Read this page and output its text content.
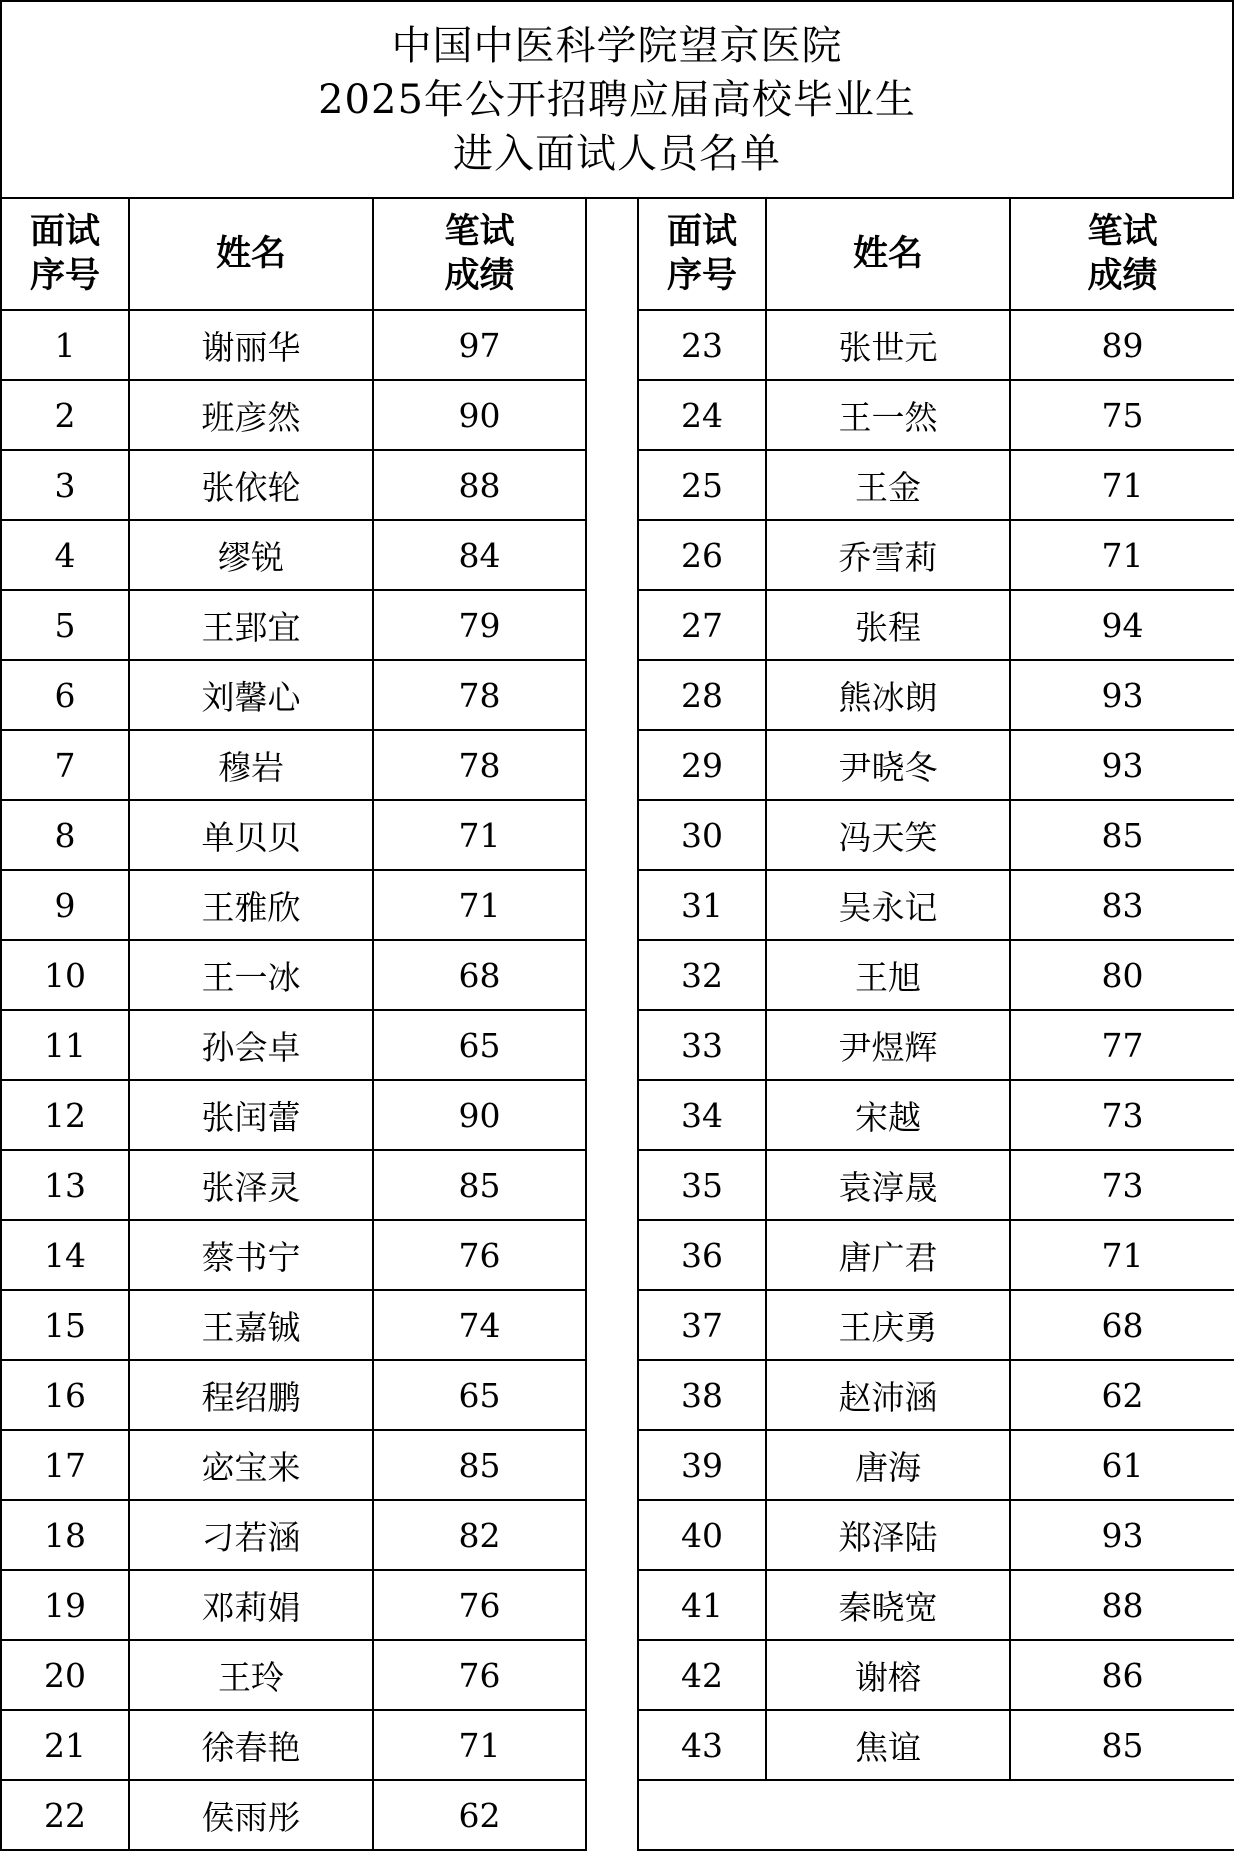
中国中医科学院望京医院
2025年公开招聘应届高校毕业生
进入面试人员名单
面试
序号	姓名	笔试
成绩
1	谢丽华	97
2	班彦然	90
3	张依轮	88
4	缪锐	84
5	王郢宜	79
6	刘馨心	78
7	穆岩	78
8	单贝贝	71
9	王雅欣	71
10	王一冰	68
11	孙会卓	65
12	张闰蕾	90
13	张泽灵	85
14	蔡书宁	76
15	王嘉铖	74
16	程绍鹏	65
17	宓宝来	85
18	刁若涵	82
19	邓莉娟	76
20	王玲	76
21	徐春艳	71
22	侯雨彤	62
面试
序号	姓名	笔试
成绩
23	张世元	89
24	王一然	75
25	王金	71
26	乔雪莉	71
27	张程	94
28	熊冰朗	93
29	尹晓冬	93
30	冯天笑	85
31	吴永记	83
32	王旭	80
33	尹煜辉	77
34	宋越	73
35	袁淳晟	73
36	唐广君	71
37	王庆勇	68
38	赵沛涵	62
39	唐海	61
40	郑泽陆	93
41	秦晓宽	88
42	谢榕	86
43	焦谊	85
